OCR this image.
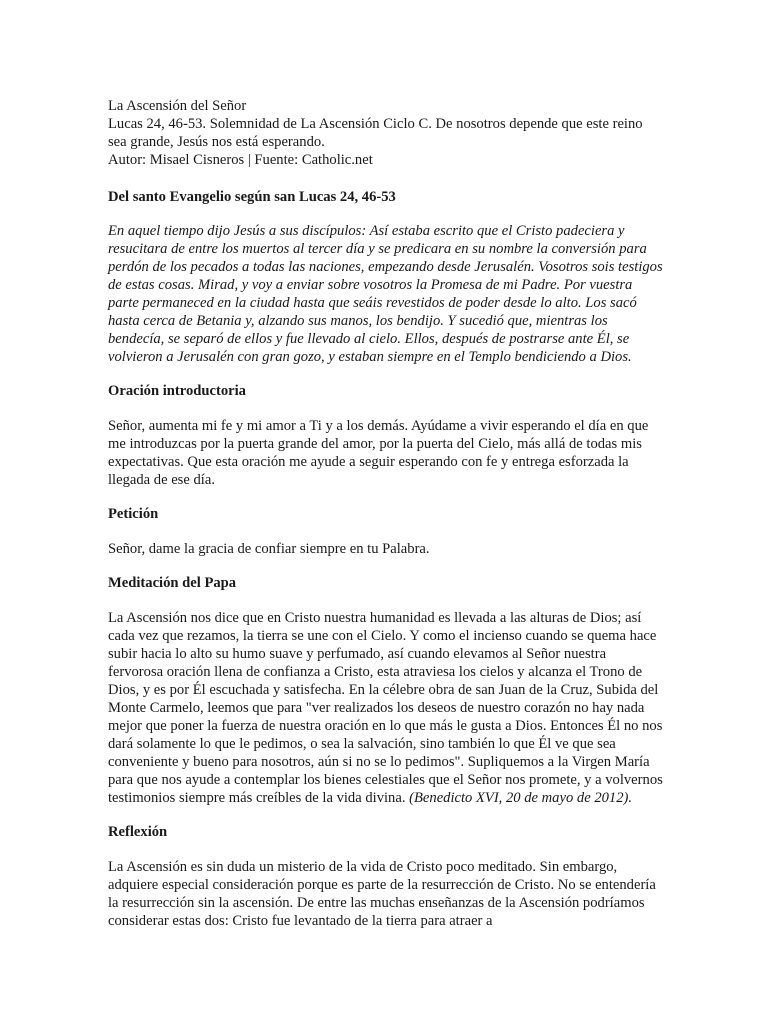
La Ascensión del Señor
Lucas 24, 46-53. Solemnidad de La Ascensión Ciclo C. De nosotros depende que este reino sea grande, Jesús nos está esperando.
Autor: Misael Cisneros | Fuente: Catholic.net
Del santo Evangelio según san Lucas 24, 46-53

En aquel tiempo dijo Jesús a sus discípulos: Así estaba escrito que el Cristo padeciera y resucitara de entre los muertos al tercer día y se predicara en su nombre la conversión para perdón de los pecados a todas las naciones, empezando desde Jerusalén. Vosotros sois testigos de estas cosas. Mirad, y voy a enviar sobre vosotros la Promesa de mi Padre. Por vuestra parte permaneced en la ciudad hasta que seáis revestidos de poder desde lo alto. Los sacó hasta cerca de Betania y, alzando sus manos, los bendijo. Y sucedió que, mientras los bendecía, se separó de ellos y fue llevado al cielo. Ellos, después de postrarse ante Él, se volvieron a Jerusalén con gran gozo, y estaban siempre en el Templo bendiciendo a Dios.

Oración introductoria

Señor, aumenta mi fe y mi amor a Ti y a los demás. Ayúdame a vivir esperando el día en que me introduzcas por la puerta grande del amor, por la puerta del Cielo, más allá de todas mis expectativas. Que esta oración me ayude a seguir esperando con fe y entrega esforzada la llegada de ese día.

Petición

Señor, dame la gracia de confiar siempre en tu Palabra.

Meditación del Papa

La Ascensión nos dice que en Cristo nuestra humanidad es llevada a las alturas de Dios; así cada vez que rezamos, la tierra se une con el Cielo. Y como el incienso cuando se quema hace subir hacia lo alto su humo suave y perfumado, así cuando elevamos al Señor nuestra fervorosa oración llena de confianza a Cristo, esta atraviesa los cielos y alcanza el Trono de Dios, y es por Él escuchada y satisfecha. En la célebre obra de san Juan de la Cruz, Subida del Monte Carmelo, leemos que para "ver realizados los deseos de nuestro corazón no hay nada mejor que poner la fuerza de nuestra oración en lo que más le gusta a Dios. Entonces Él no nos dará solamente lo que le pedimos, o sea la salvación, sino también lo que Él ve que sea conveniente y bueno para nosotros, aún si no se lo pedimos". Supliquemos a la Virgen María para que nos ayude a contemplar los bienes celestiales que el Señor nos promete, y a volvernos testimonios siempre más creíbles de la vida divina. (Benedicto XVI, 20 de mayo de 2012).

Reflexión

La Ascensión es sin duda un misterio de la vida de Cristo poco meditado. Sin embargo, adquiere especial consideración porque es parte de la resurrección de Cristo. No se entendería la resurrección sin la ascensión. De entre las muchas enseñanzas de la Ascensión podríamos considerar estas dos: Cristo fue levantado de la tierra para atraer a
